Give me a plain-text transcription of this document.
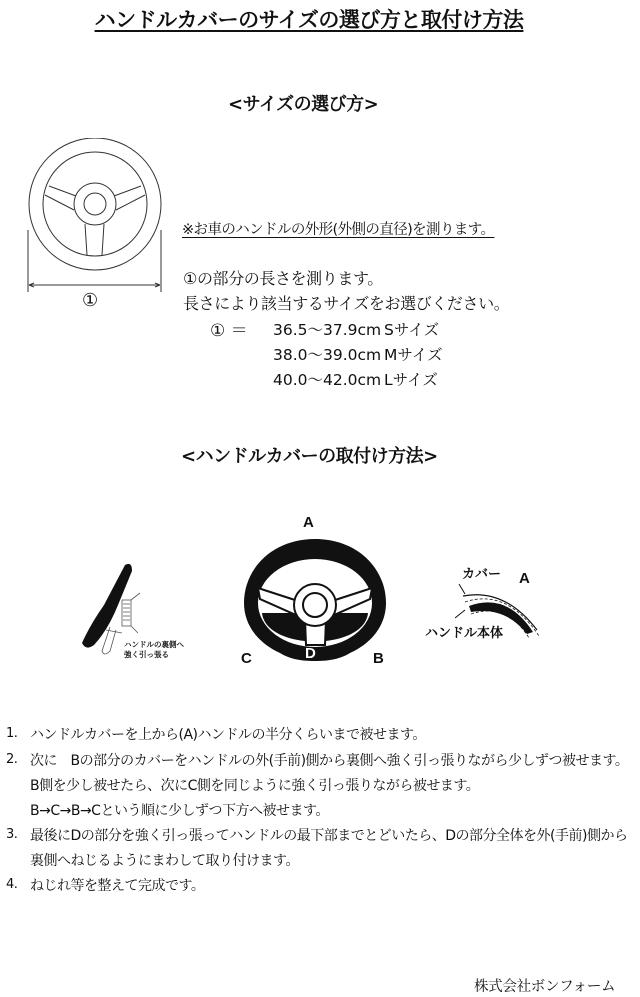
ハンドルカバーのサイズの選び方と取付け方法
<サイズの選び方>
①
※お車のハンドルの外形(外側の直径)を測ります。
①の部分の長さを測ります。
長さにより該当するサイズをお選びください。
① ＝ 36.5〜37.9cm Sサイズ
38.0〜39.0cm Mサイズ
40.0〜42.0cm Lサイズ
<ハンドルカバーの取付け方法>
ハンドルの裏側へ
強く引っ張る
A
B
C	D
カバー A
ハンドル本体
1. ハンドルカバーを上から(A)ハンドルの半分くらいまで被せます。
2. 次に　Bの部分のカバーをハンドルの外(手前)側から裏側へ強く引っ張りながら少しずつ被せます。
B側を少し被せたら、次にC側を同じように強く引っ張りながら被せます。
B→C→B→Cという順に少しずつ下方へ被せます。
3. 最後にDの部分を強く引っ張ってハンドルの最下部までとどいたら、Dの部分全体を外(手前)側から
裏側へねじるようにまわして取り付けます。
4. ねじれ等を整えて完成です。
株式会社ボンフォーム
